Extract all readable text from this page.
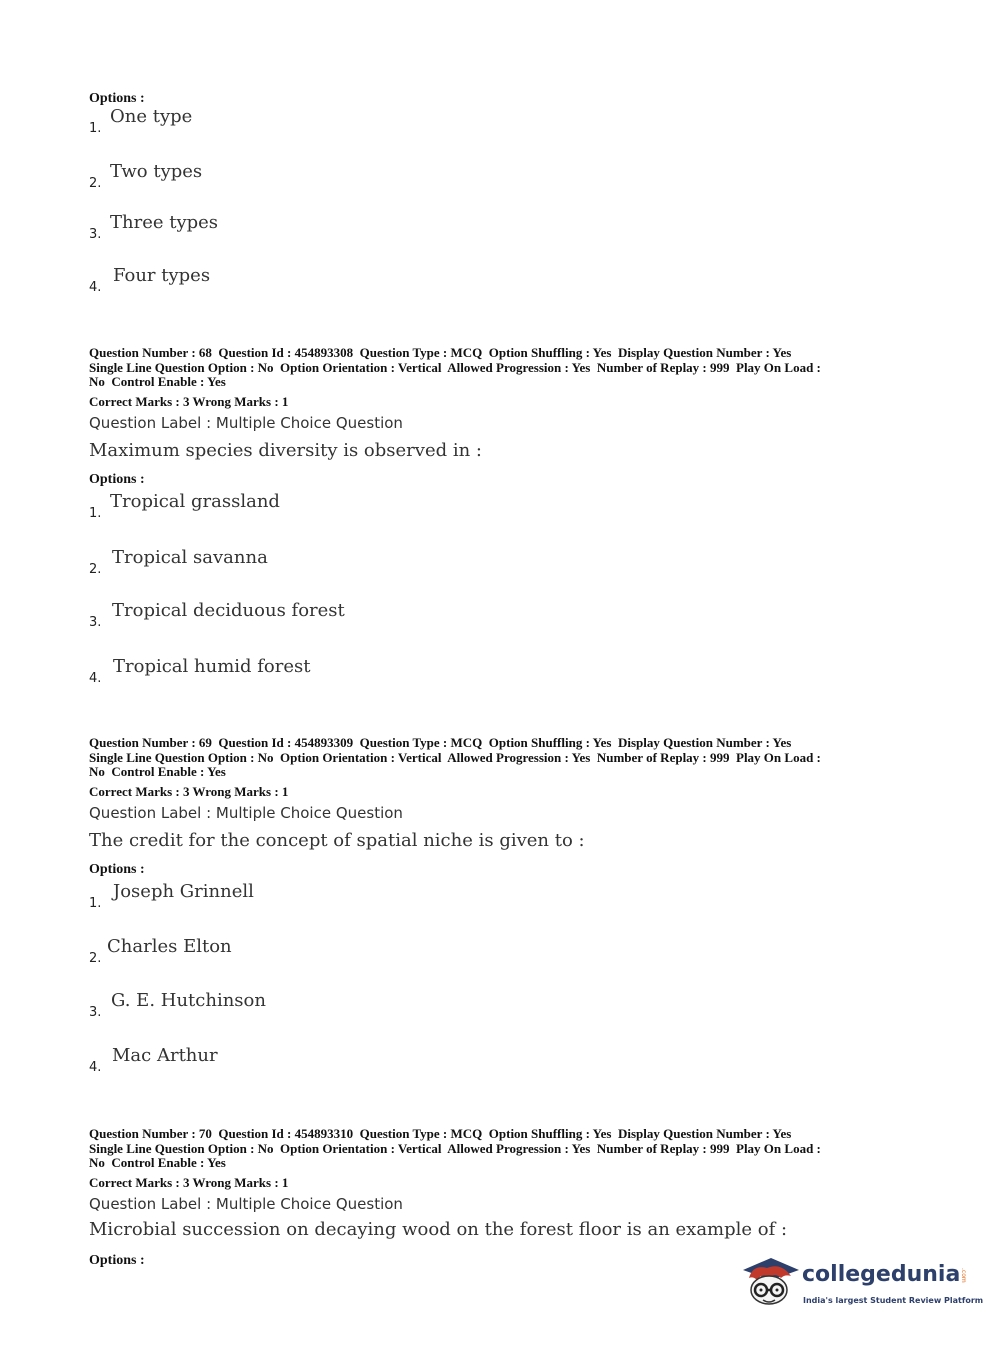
Options :
1.
One type
2.
Two types
3.
Three types
4.
Four types
Question Number : 68  Question Id : 454893308  Question Type : MCQ  Option Shuffling : Yes  Display Question Number : Yes
Single Line Question Option : No  Option Orientation : Vertical  Allowed Progression : Yes  Number of Replay : 999  Play On Load :
No  Control Enable : Yes
Correct Marks : 3 Wrong Marks : 1
Question Label : Multiple Choice Question
Maximum species diversity is observed in :
Options :
1.
Tropical grassland
2.
Tropical savanna
3.
Tropical deciduous forest
4.
Tropical humid forest
Question Number : 69  Question Id : 454893309  Question Type : MCQ  Option Shuffling : Yes  Display Question Number : Yes
Single Line Question Option : No  Option Orientation : Vertical  Allowed Progression : Yes  Number of Replay : 999  Play On Load :
No  Control Enable : Yes
Correct Marks : 3 Wrong Marks : 1
Question Label : Multiple Choice Question
The credit for the concept of spatial niche is given to :
Options :
1.
Joseph Grinnell
2.
Charles Elton
3.
G. E. Hutchinson
4.
Mac Arthur
Question Number : 70  Question Id : 454893310  Question Type : MCQ  Option Shuffling : Yes  Display Question Number : Yes
Single Line Question Option : No  Option Orientation : Vertical  Allowed Progression : Yes  Number of Replay : 999  Play On Load :
No  Control Enable : Yes
Correct Marks : 3 Wrong Marks : 1
Question Label : Multiple Choice Question
Microbial succession on decaying wood on the forest floor is an example of :
Options :
collegedunia .com
India's largest Student Review Platform
